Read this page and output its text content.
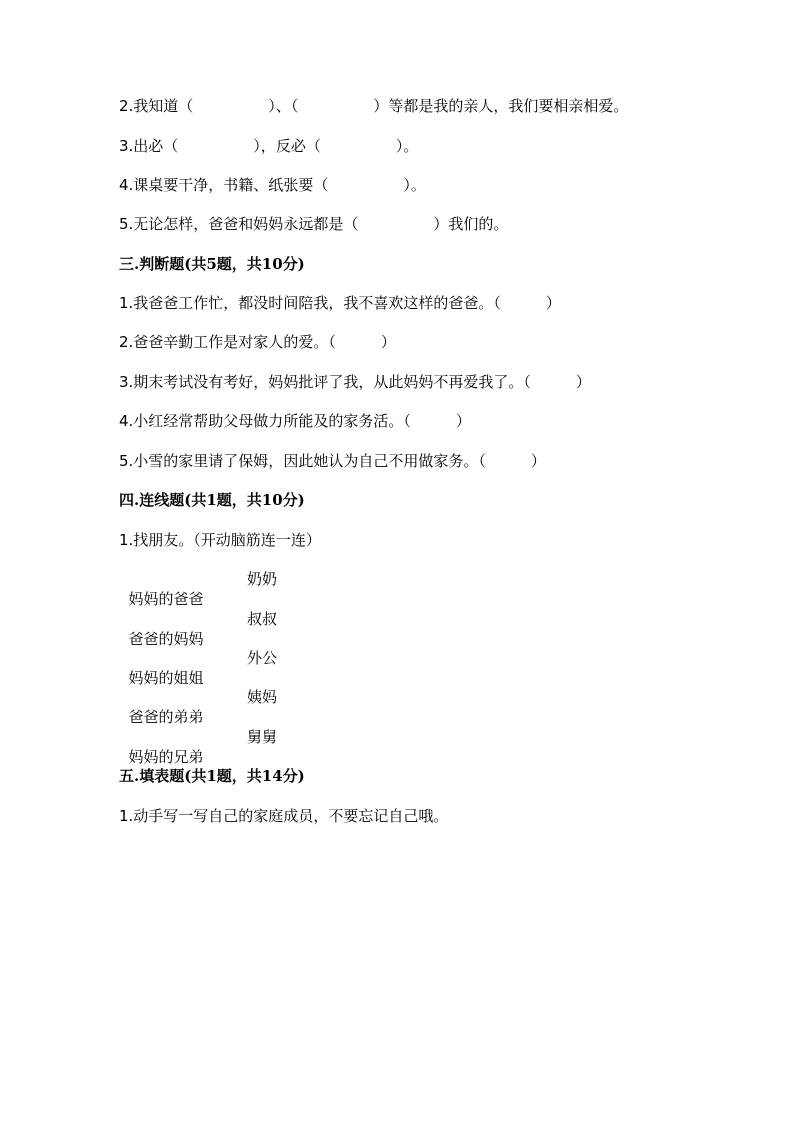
2.我知道（　　　　　）、（　　　　　）等都是我的亲人，我们要相亲相爱。
3.出必（　　　　　），反必（　　　　　）。
4.课桌要干净，书籍、纸张要（　　　　　）。
5.无论怎样，爸爸和妈妈永远都是（　　　　　）我们的。
三.判断题(共5题，共10分)
1.我爸爸工作忙，都没时间陪我，我不喜欢这样的爸爸。（　　　）
2.爸爸辛勤工作是对家人的爱。（　　　）
3.期末考试没有考好，妈妈批评了我，从此妈妈不再爱我了。（　　　）
4.小红经常帮助父母做力所能及的家务活。（　　　）
5.小雪的家里请了保姆，因此她认为自己不用做家务。（　　　）
四.连线题(共1题，共10分)
1.找朋友。（开动脑筋连一连）

妈妈的爸爸

奶奶

爸爸的妈妈

叔叔

妈妈的姐姐

外公

爸爸的弟弟

姨妈

妈妈的兄弟

舅舅

五.填表题(共1题，共14分)
1.动手写一写自己的家庭成员，不要忘记自己哦。
